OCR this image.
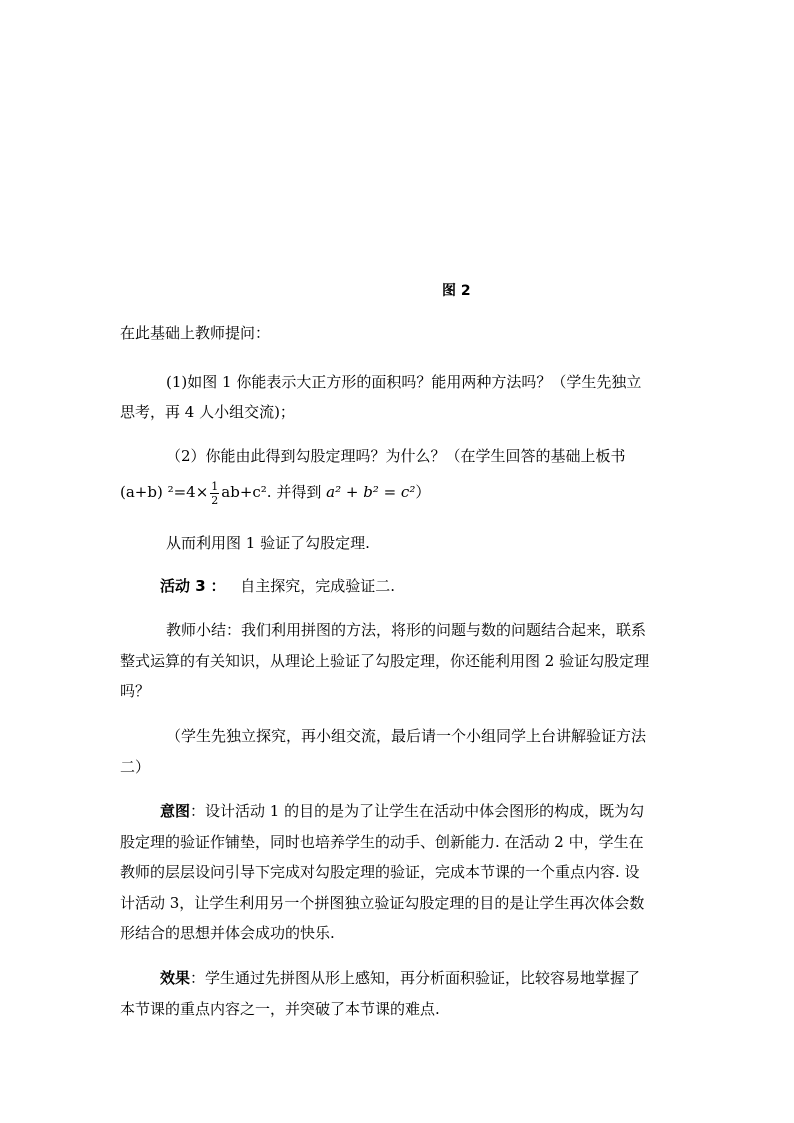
图 2
在此基础上教师提问：
(1)如图 1 你能表示大正方形的面积吗？能用两种方法吗？（学生先独立
思考，再 4 人小组交流)；
（2）你能由此得到勾股定理吗？为什么？（在学生回答的基础上板书
(a+b) $^2=4\times \frac{1}{2} ab+c^2$. 并得到 a² + b² = c²）
从而利用图 1 验证了勾股定理.
活动 3 ： 自主探究，完成验证二.
教师小结：我们利用拼图的方法，将形的问题与数的问题结合起来，联系
整式运算的有关知识，从理论上验证了勾股定理，你还能利用图 2 验证勾股定理
吗？
（学生先独立探究，再小组交流，最后请一个小组同学上台讲解验证方法
二）
意图：设计活动 1 的目的是为了让学生在活动中体会图形的构成，既为勾
股定理的验证作铺垫，同时也培养学生的动手、创新能力. 在活动 2 中，学生在
教师的层层设问引导下完成对勾股定理的验证，完成本节课的一个重点内容. 设
计活动 3，让学生利用另一个拼图独立验证勾股定理的目的是让学生再次体会数
形结合的思想并体会成功的快乐.
效果：学生通过先拼图从形上感知，再分析面积验证，比较容易地掌握了
本节课的重点内容之一，并突破了本节课的难点.
